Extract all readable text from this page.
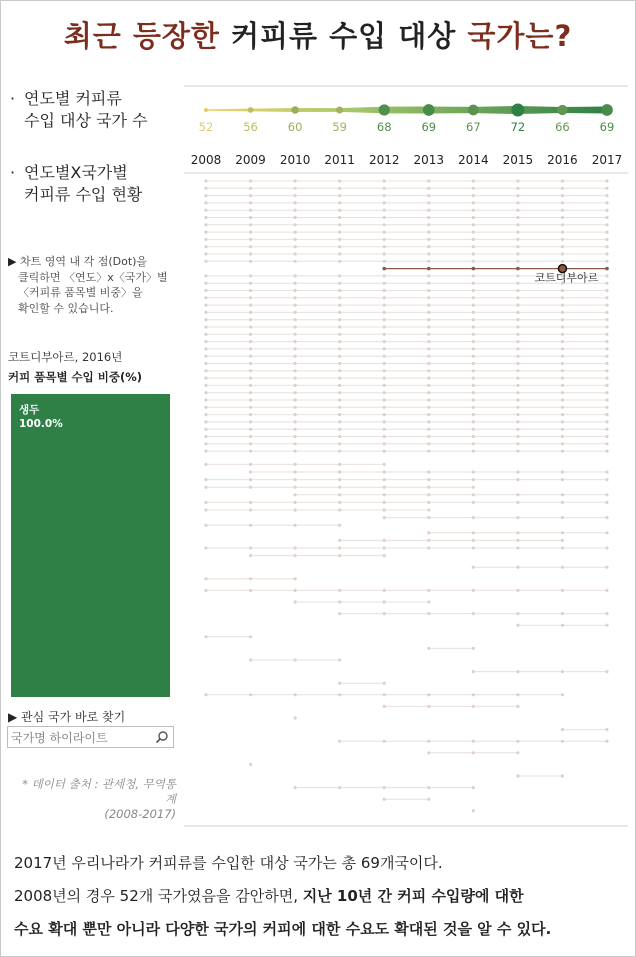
최근 등장한 커피류 수입 대상 국가는?
· 연도별 커피류
수입 대상 국가 수
· 연도별X국가별
커피류 수입 현황
▶ 차트 영역 내 각 점(Dot)을
클릭하면 〈연도〉x〈국가〉별
〈커피류 품목별 비중〉을
확인할 수 있습니다.
코트디부아르, 2016년
커피 품목별 수입 비중(%)
생두
100.0%
▶ 관심 국가 바로 찾기
국가명 하이라이트
* 데이터 출처 : 관세청, 무역통
계
(2008-2017)
52	56	60	59	68	69	67	72	66	69
2008 2009 2010 2011 2012 2013 2014 2015 2016 2017
코트디부아르
2017년 우리나라가 커피류를 수입한 대상 국가는 총 69개국이다.
2008년의 경우 52개 국가였음을 감안하면, 지난 10년 간 커피 수입량에 대한
수요 확대 뿐만 아니라 다양한 국가의 커피에 대한 수요도 확대된 것을 알 수 있다.
